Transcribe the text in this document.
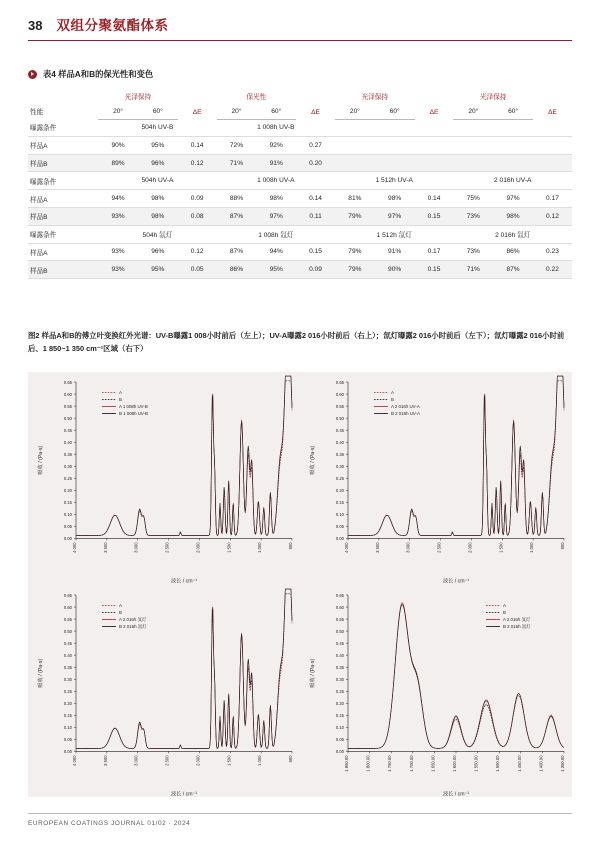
38 双组分聚氨酯体系
表4 样品A和B的保光性和变色
性能	光泽保持		ΔE	保光性		ΔE	光泽保持		ΔE	光泽保持		ΔE
	20°	60°		20°	60°		20°	60°		20°	60°	
曝露条件	504h UV-B			1 008h UV-B								
样品A	90%	95%	0.14	72%	92%	0.27						
样品B	89%	96%	0.12	71%	91%	0.20						
曝露条件	504h UV-A			1 008h UV-A			1 512h UV-A			2 016h UV-A		
样品A	94%	98%	0.09	88%	98%	0.14	81%	98%	0.14	75%	97%	0.17
样品B	93%	98%	0.08	87%	97%	0.11	79%	97%	0.15	73%	98%	0.12
曝露条件	504h 氙灯			1 008h 氙灯			1 512h 氙灯			2 016h 氙灯		
样品A	93%	96%	0.12	87%	94%	0.15	79%	91%	0.17	73%	86%	0.23
样品B	93%	95%	0.05	86%	95%	0.09	79%	90%	0.15	71%	87%	0.22
图2 样品A和B的傅立叶变换红外光谱：UV-B曝露1 008小时前后（左上）；UV-A曝露2 016小时前后（右上）；氙灯曝露2 016小时前后（左下）；氙灯曝露2 016小时前后、1 850~1 350 cm⁻¹区域（右下）
0.00
0.05
0.10
0.15
0.20
0.25
0.30
0.35
0.40
0.45
0.50
0.55
0.60
0.65
4 000	3 500	3 000	2 500	2 000	1 500	1 000	500
波长 / cm⁻¹
吸收 / (Pa·s)
A
B
A 1 008h UV-B
B 1 008h UV-B
0.00
0.05
0.10
0.15
0.20
0.25
0.30
0.35
0.40
0.45
0.50
0.55
0.60
0.65
4 000	3 500	3 000	2 500	2 000	1 500	1 000	500
波长 / cm⁻¹
吸收 / (Pa·s)
A
B
A 2 016h UV-A
B 2 016h UV-A
0.00
0.05
0.10
0.15
0.20
0.25
0.30
0.35
0.40
0.45
0.50
0.55
0.60
0.65
4 000	3 500	3 000	2 500	2 000	1 500	1 000	500
波长 / cm⁻¹
吸收 / (Pa·s)
A
B
A 2 016h 氙灯
B 2 016h 氙灯
0.00
0.05
0.10
0.15
0.20
0.25
0.30
0.35
0.40
0.45
0.50
0.55
0.60
0.65
1 850.00	1 800.00	1 750.00	1 700.00	1 650.00	1 600.00	1 550.00	1 500.00	1 450.00	1 400.00	1 350.00
波长 / cm⁻¹
吸收 / (Pa·s)
A
B
A 2 016h 氙灯
B 2 016h 氙灯
EUROPEAN COATINGS JOURNAL 01/02 · 2024
